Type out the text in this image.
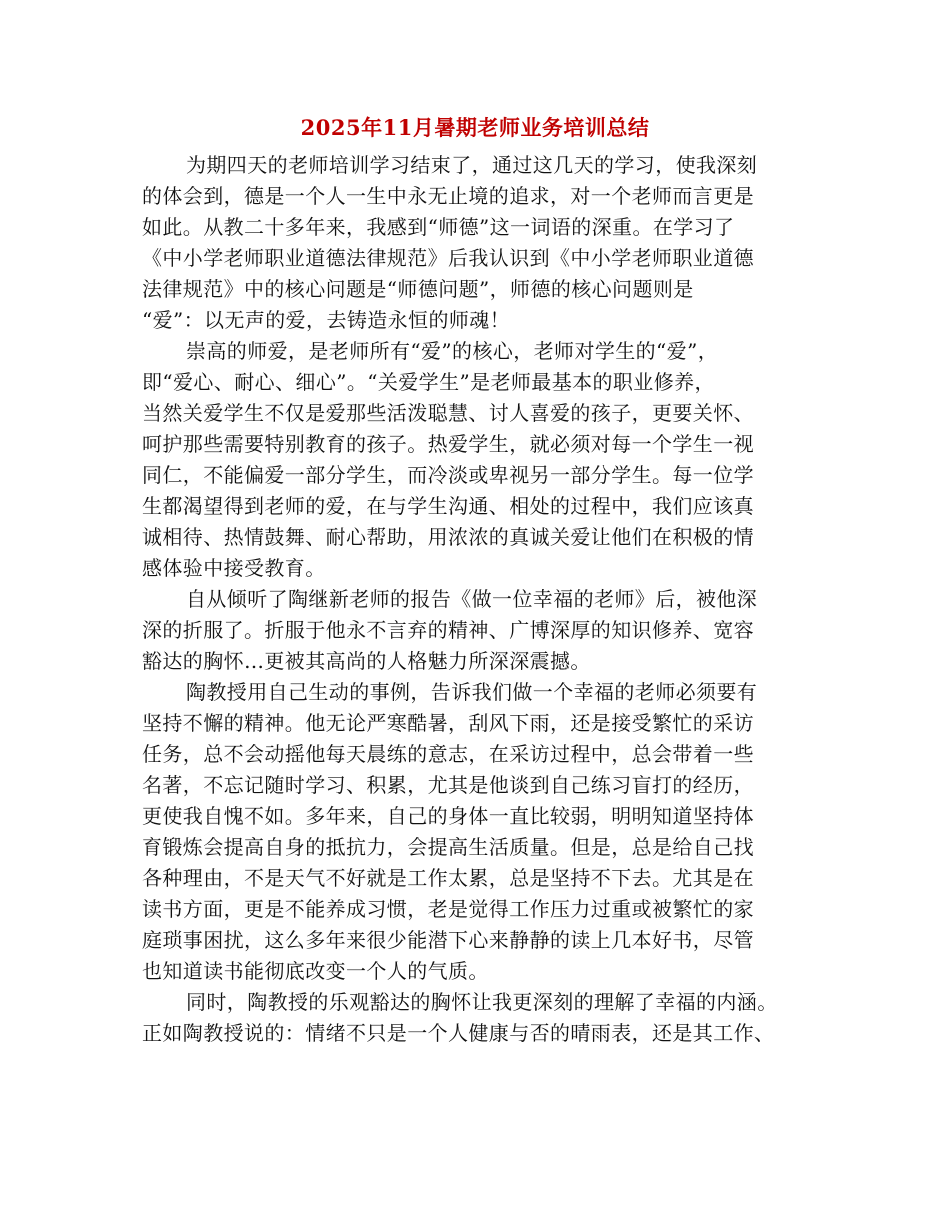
2025年11月暑期老师业务培训总结
为期四天的老师培训学习结束了，通过这几天的学习，使我深刻
的体会到，德是一个人一生中永无止境的追求，对一个老师而言更是
如此。从教二十多年来，我感到“师德”这一词语的深重。在学习了
《中小学老师职业道德法律规范》后我认识到《中小学老师职业道德
法律规范》中的核心问题是“师德问题”，师德的核心问题则是
“爱”：以无声的爱，去铸造永恒的师魂！
崇高的师爱，是老师所有“爱”的核心，老师对学生的“爱”，
即“爱心、耐心、细心”。“关爱学生”是老师最基本的职业修养，
当然关爱学生不仅是爱那些活泼聪慧、讨人喜爱的孩子，更要关怀、
呵护那些需要特别教育的孩子。热爱学生，就必须对每一个学生一视
同仁，不能偏爱一部分学生，而冷淡或卑视另一部分学生。每一位学
生都渴望得到老师的爱，在与学生沟通、相处的过程中，我们应该真
诚相待、热情鼓舞、耐心帮助，用浓浓的真诚关爱让他们在积极的情
感体验中接受教育。
自从倾听了陶继新老师的报告《做一位幸福的老师》后，被他深
深的折服了。折服于他永不言弃的精神、广博深厚的知识修养、宽容
豁达的胸怀…更被其高尚的人格魅力所深深震撼。
陶教授用自己生动的事例，告诉我们做一个幸福的老师必须要有
坚持不懈的精神。他无论严寒酷暑，刮风下雨，还是接受繁忙的采访
任务，总不会动摇他每天晨练的意志，在采访过程中，总会带着一些
名著，不忘记随时学习、积累，尤其是他谈到自己练习盲打的经历，
更使我自愧不如。多年来，自己的身体一直比较弱，明明知道坚持体
育锻炼会提高自身的抵抗力，会提高生活质量。但是，总是给自己找
各种理由，不是天气不好就是工作太累，总是坚持不下去。尤其是在
读书方面，更是不能养成习惯，老是觉得工作压力过重或被繁忙的家
庭琐事困扰，这么多年来很少能潜下心来静静的读上几本好书，尽管
也知道读书能彻底改变一个人的气质。
同时，陶教授的乐观豁达的胸怀让我更深刻的理解了幸福的内涵。
正如陶教授说的：情绪不只是一个人健康与否的晴雨表，还是其工作、
